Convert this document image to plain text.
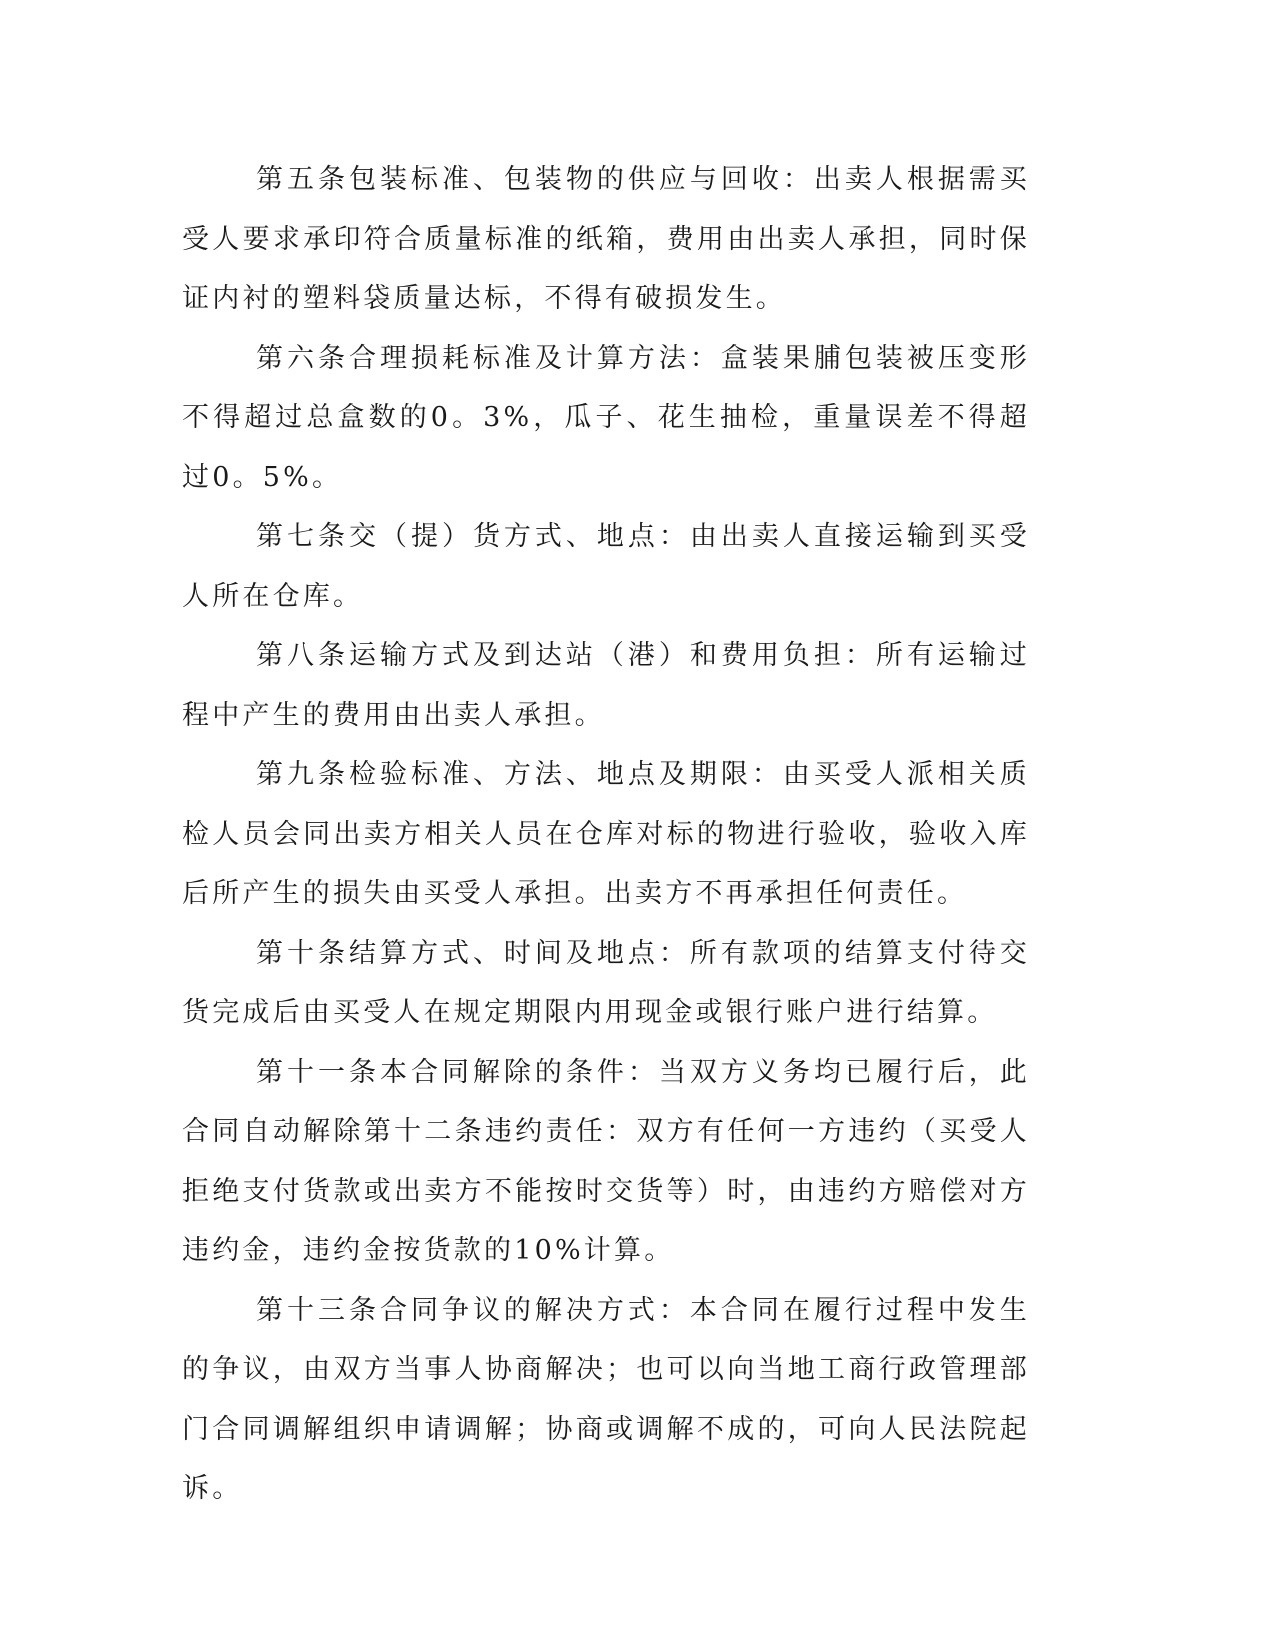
第五条包装标准、包装物的供应与回收：出卖人根据需买受人要求承印符合质量标准的纸箱，费用由出卖人承担，同时保证内衬的塑料袋质量达标，不得有破损发生。

第六条合理损耗标准及计算方法：盒装果脯包装被压变形不得超过总盒数的0。3%，瓜子、花生抽检，重量误差不得超过0。5%。

第七条交（提）货方式、地点：由出卖人直接运输到买受人所在仓库。

第八条运输方式及到达站（港）和费用负担：所有运输过程中产生的费用由出卖人承担。

第九条检验标准、方法、地点及期限：由买受人派相关质检人员会同出卖方相关人员在仓库对标的物进行验收，验收入库后所产生的损失由买受人承担。出卖方不再承担任何责任。

第十条结算方式、时间及地点：所有款项的结算支付待交货完成后由买受人在规定期限内用现金或银行账户进行结算。

第十一条本合同解除的条件：当双方义务均已履行后，此合同自动解除第十二条违约责任：双方有任何一方违约（买受人拒绝支付货款或出卖方不能按时交货等）时，由违约方赔偿对方违约金，违约金按货款的10%计算。

第十三条合同争议的解决方式：本合同在履行过程中发生的争议，由双方当事人协商解决；也可以向当地工商行政管理部门合同调解组织申请调解；协商或调解不成的，可向人民法院起诉。
